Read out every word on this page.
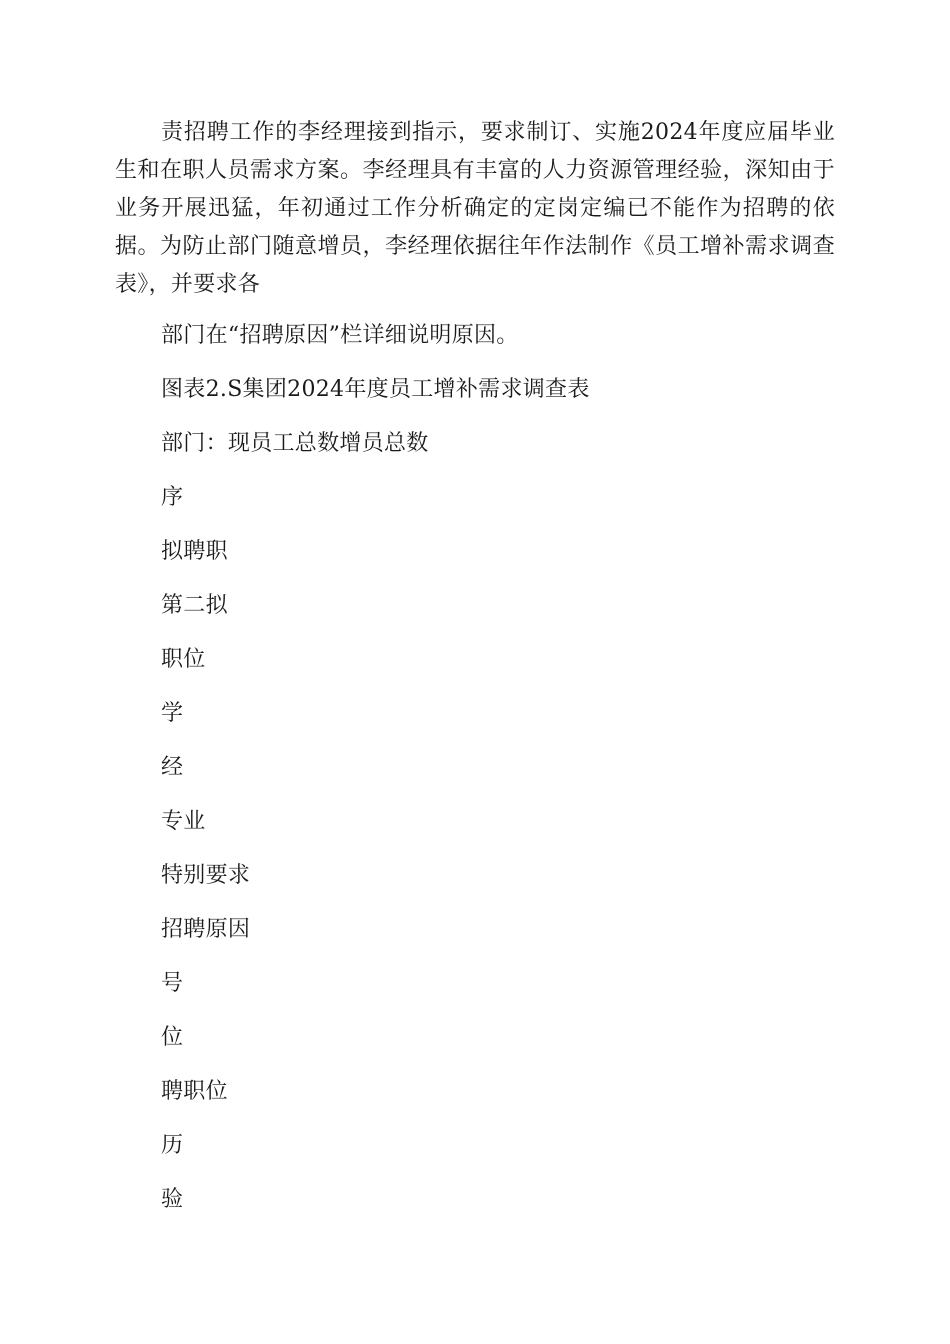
责招聘工作的李经理接到指示，要求制订、实施2024年度应届毕业生和在职人员需求方案。李经理具有丰富的人力资源管理经验，深知由于业务开展迅猛，年初通过工作分析确定的定岗定编已不能作为招聘的依据。为防止部门随意增员，李经理依据往年作法制作《员工增补需求调查表》，并要求各

部门在“招聘原因”栏详细说明原因。

图表2.S集团2024年度员工增补需求调查表

部门：现员工总数增员总数

序

拟聘职

第二拟

职位

学

经

专业

特别要求

招聘原因

号

位

聘职位

历

验
